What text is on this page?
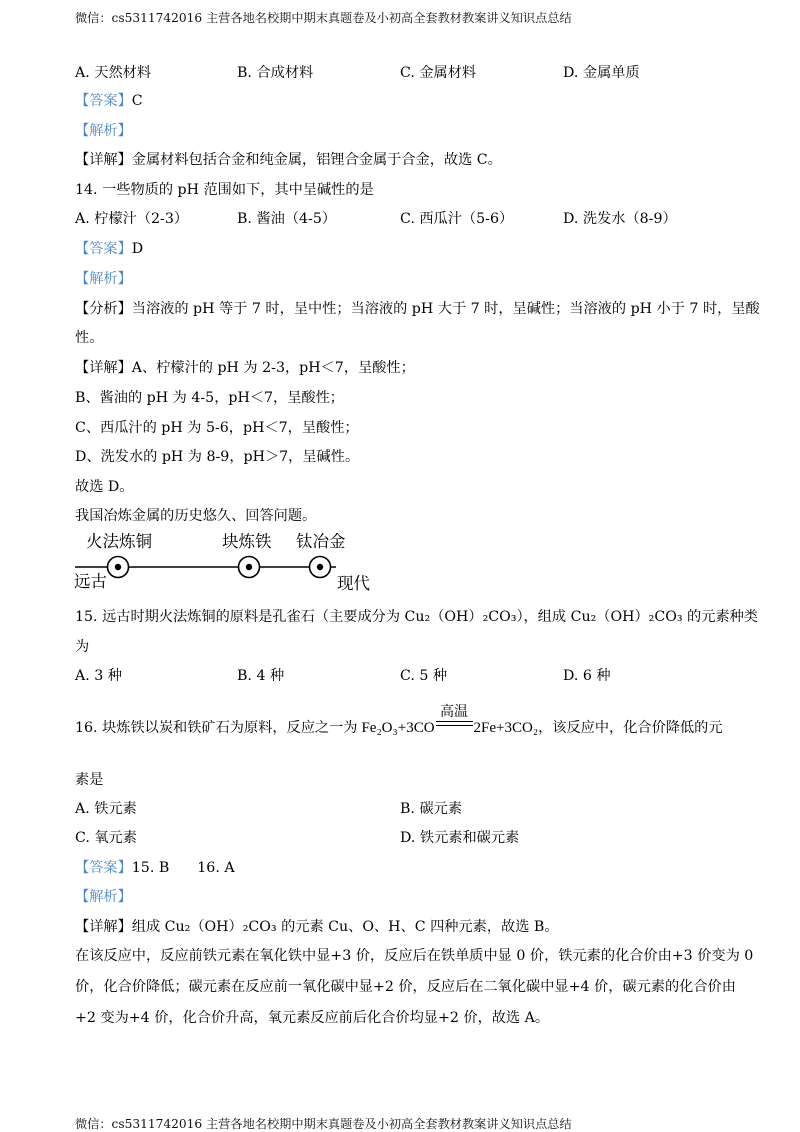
微信：cs5311742016 主营各地名校期中期末真题卷及小初高全套教材教案讲义知识点总结
A. 天然材料	B. 合成材料	C. 金属材料	D. 金属单质
【答案】C
【解析】
【详解】金属材料包括合金和纯金属，铝锂合金属于合金，故选 C。
14. 一些物质的 pH 范围如下，其中呈碱性的是
A. 柠檬汁（2-3）	B. 酱油（4-5）	C. 西瓜汁（5-6）	D. 洗发水（8-9）
【答案】D
【解析】
【分析】当溶液的 pH 等于 7 时，呈中性；当溶液的 pH 大于 7 时，呈碱性；当溶液的 pH 小于 7 时，呈酸
性。
【详解】A、柠檬汁的 pH 为 2-3，pH＜7，呈酸性；
B、酱油的 pH 为 4-5，pH＜7，呈酸性；
C、西瓜汁的 pH 为 5-6，pH＜7，呈酸性；
D、洗发水的 pH 为 8-9，pH＞7，呈碱性。
故选 D。
我国冶炼金属的历史悠久、回答问题。
火法炼铜	块炼铁 钛冶金
远古	现代
15. 远古时期火法炼铜的原料是孔雀石（主要成分为 Cu₂（OH）₂CO₃），组成 Cu₂（OH）₂CO₃ 的元素种类
为
A. 3 种	B. 4 种	C. 5 种	D. 6 种
16. 块炼铁以炭和铁矿石为原料，反应之一为 Fe₂O₃+3CO
高温
2Fe+3CO₂，该反应中，化合价降低的元
素是
A. 铁元素	B. 碳元素
C. 氧元素	D. 铁元素和碳元素
【答案】15. B 16. A
【解析】
【详解】组成 Cu₂（OH）₂CO₃ 的元素 Cu、O、H、C 四种元素，故选 B。
在该反应中，反应前铁元素在氧化铁中显+3 价，反应后在铁单质中显 0 价，铁元素的化合价由+3 价变为 0
价，化合价降低；碳元素在反应前一氧化碳中显+2 价，反应后在二氧化碳中显+4 价，碳元素的化合价由
+2 变为+4 价，化合价升高，氧元素反应前后化合价均显+2 价，故选 A。
微信：cs5311742016 主营各地名校期中期末真题卷及小初高全套教材教案讲义知识点总结
